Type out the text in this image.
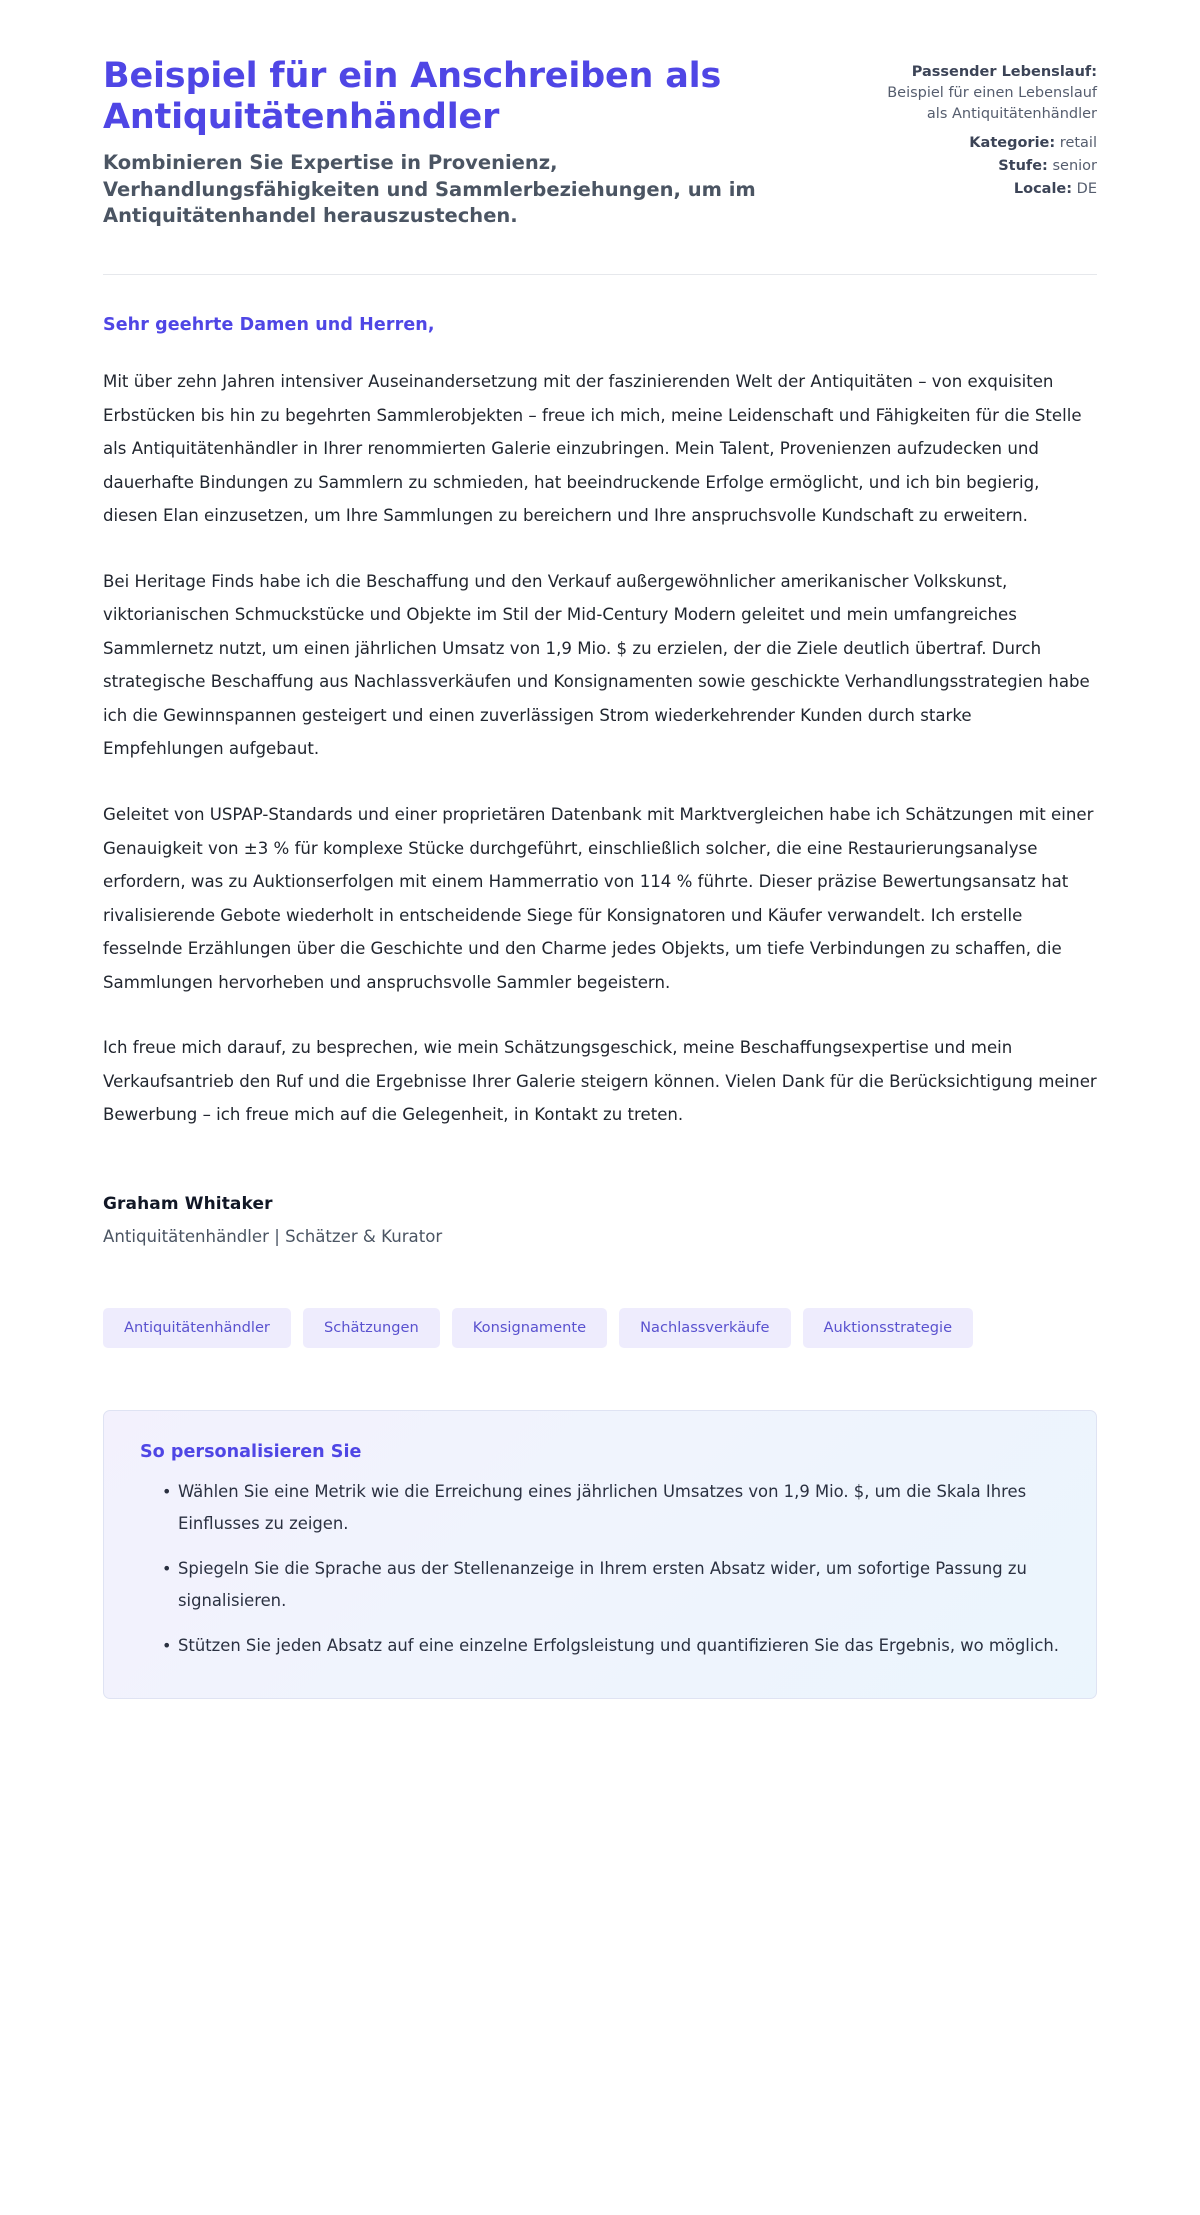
Beispiel für ein Anschreiben als Antiquitätenhändler

Kombinieren Sie Expertise in Provenienz, Verhandlungsfähigkeiten und Sammlerbeziehungen, um im Antiquitätenhandel herauszustechen.

Passender Lebenslauf:
Beispiel für einen Lebenslauf als Antiquitätenhändler
Kategorie: retail
Stufe: senior
Locale: DE

Sehr geehrte Damen und Herren,

Mit über zehn Jahren intensiver Auseinandersetzung mit der faszinierenden Welt der Antiquitäten – von exquisiten Erbstücken bis hin zu begehrten Sammlerobjekten – freue ich mich, meine Leidenschaft und Fähigkeiten für die Stelle als Antiquitätenhändler in Ihrer renommierten Galerie einzubringen. Mein Talent, Provenienzen aufzudecken und dauerhafte Bindungen zu Sammlern zu schmieden, hat beeindruckende Erfolge ermöglicht, und ich bin begierig, diesen Elan einzusetzen, um Ihre Sammlungen zu bereichern und Ihre anspruchsvolle Kundschaft zu erweitern.

Bei Heritage Finds habe ich die Beschaffung und den Verkauf außergewöhnlicher amerikanischer Volkskunst, viktorianischen Schmuckstücke und Objekte im Stil der Mid-Century Modern geleitet und mein umfangreiches Sammlernetz nutzt, um einen jährlichen Umsatz von 1,9 Mio. $ zu erzielen, der die Ziele deutlich übertraf. Durch strategische Beschaffung aus Nachlassverkäufen und Konsignamenten sowie geschickte Verhandlungsstrategien habe ich die Gewinnspannen gesteigert und einen zuverlässigen Strom wiederkehrender Kunden durch starke Empfehlungen aufgebaut.

Geleitet von USPAP-Standards und einer proprietären Datenbank mit Marktvergleichen habe ich Schätzungen mit einer Genauigkeit von ±3 % für komplexe Stücke durchgeführt, einschließlich solcher, die eine Restaurierungsanalyse erfordern, was zu Auktionserfolgen mit einem Hammerratio von 114 % führte. Dieser präzise Bewertungsansatz hat rivalisierende Gebote wiederholt in entscheidende Siege für Konsignatoren und Käufer verwandelt. Ich erstelle fesselnde Erzählungen über die Geschichte und den Charme jedes Objekts, um tiefe Verbindungen zu schaffen, die Sammlungen hervorheben und anspruchsvolle Sammler begeistern.

Ich freue mich darauf, zu besprechen, wie mein Schätzungsgeschick, meine Beschaffungsexpertise und mein Verkaufsantrieb den Ruf und die Ergebnisse Ihrer Galerie steigern können. Vielen Dank für die Berücksichtigung meiner Bewerbung – ich freue mich auf die Gelegenheit, in Kontakt zu treten.

Graham Whitaker

Antiquitätenhändler | Schätzer & Kurator

Antiquitätenhändler	Schätzungen	Konsignamente	Nachlassverkäufe	Auktionsstrategie

So personalisieren Sie

• Wählen Sie eine Metrik wie die Erreichung eines jährlichen Umsatzes von 1,9 Mio. $, um die Skala Ihres Einflusses zu zeigen.
• Spiegeln Sie die Sprache aus der Stellenanzeige in Ihrem ersten Absatz wider, um sofortige Passung zu signalisieren.
• Stützen Sie jeden Absatz auf eine einzelne Erfolgsleistung und quantifizieren Sie das Ergebnis, wo möglich.
